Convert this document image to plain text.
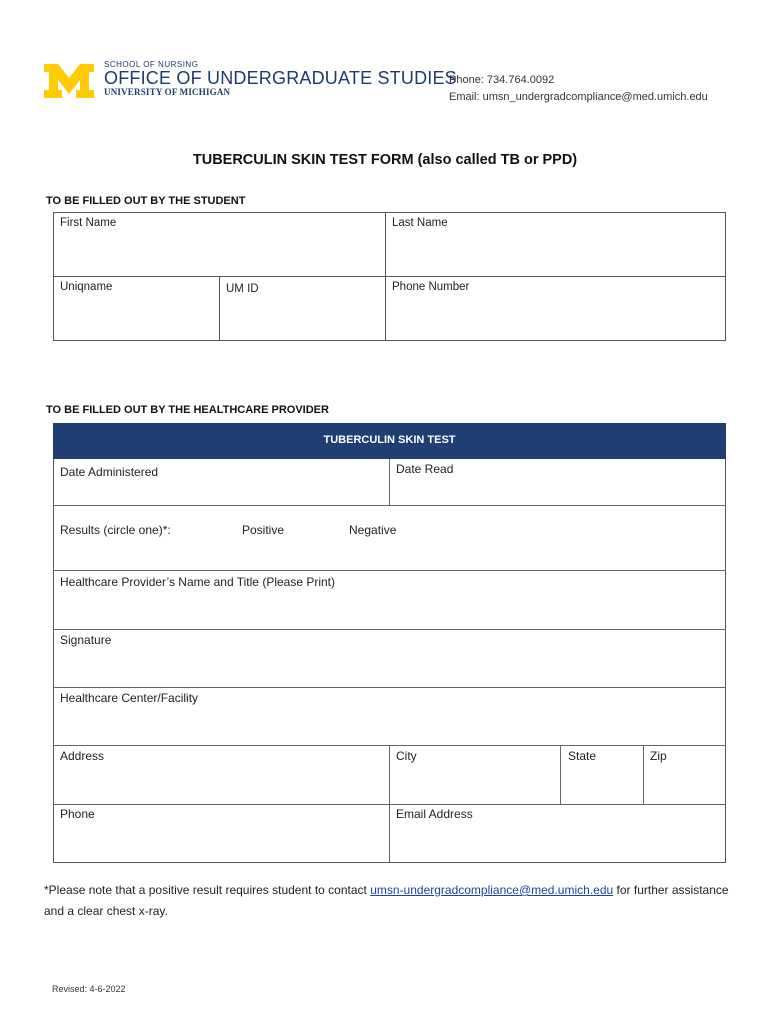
SCHOOL OF NURSING
OFFICE OF UNDERGRADUATE STUDIES
UNIVERSITY OF MICHIGAN
Phone: 734.764.0092
Email: umsn_undergradcompliance@med.umich.edu
TUBERCULIN SKIN TEST FORM (also called TB or PPD)
TO BE FILLED OUT BY THE STUDENT
First Name	Last Name
Uniqname	UM ID	Phone Number
TO BE FILLED OUT BY THE HEALTHCARE PROVIDER
TUBERCULIN SKIN TEST
Date Administered	Date Read
Results (circle one)*:	Positive	Negative
Healthcare Provider’s Name and Title (Please Print)
Signature
Healthcare Center/Facility
Address	City	State	Zip
Phone	Email Address
*Please note that a positive result requires student to contact umsn-undergradcompliance@med.umich.edu for further assistance and a clear chest x-ray.
Revised: 4-6-2022
